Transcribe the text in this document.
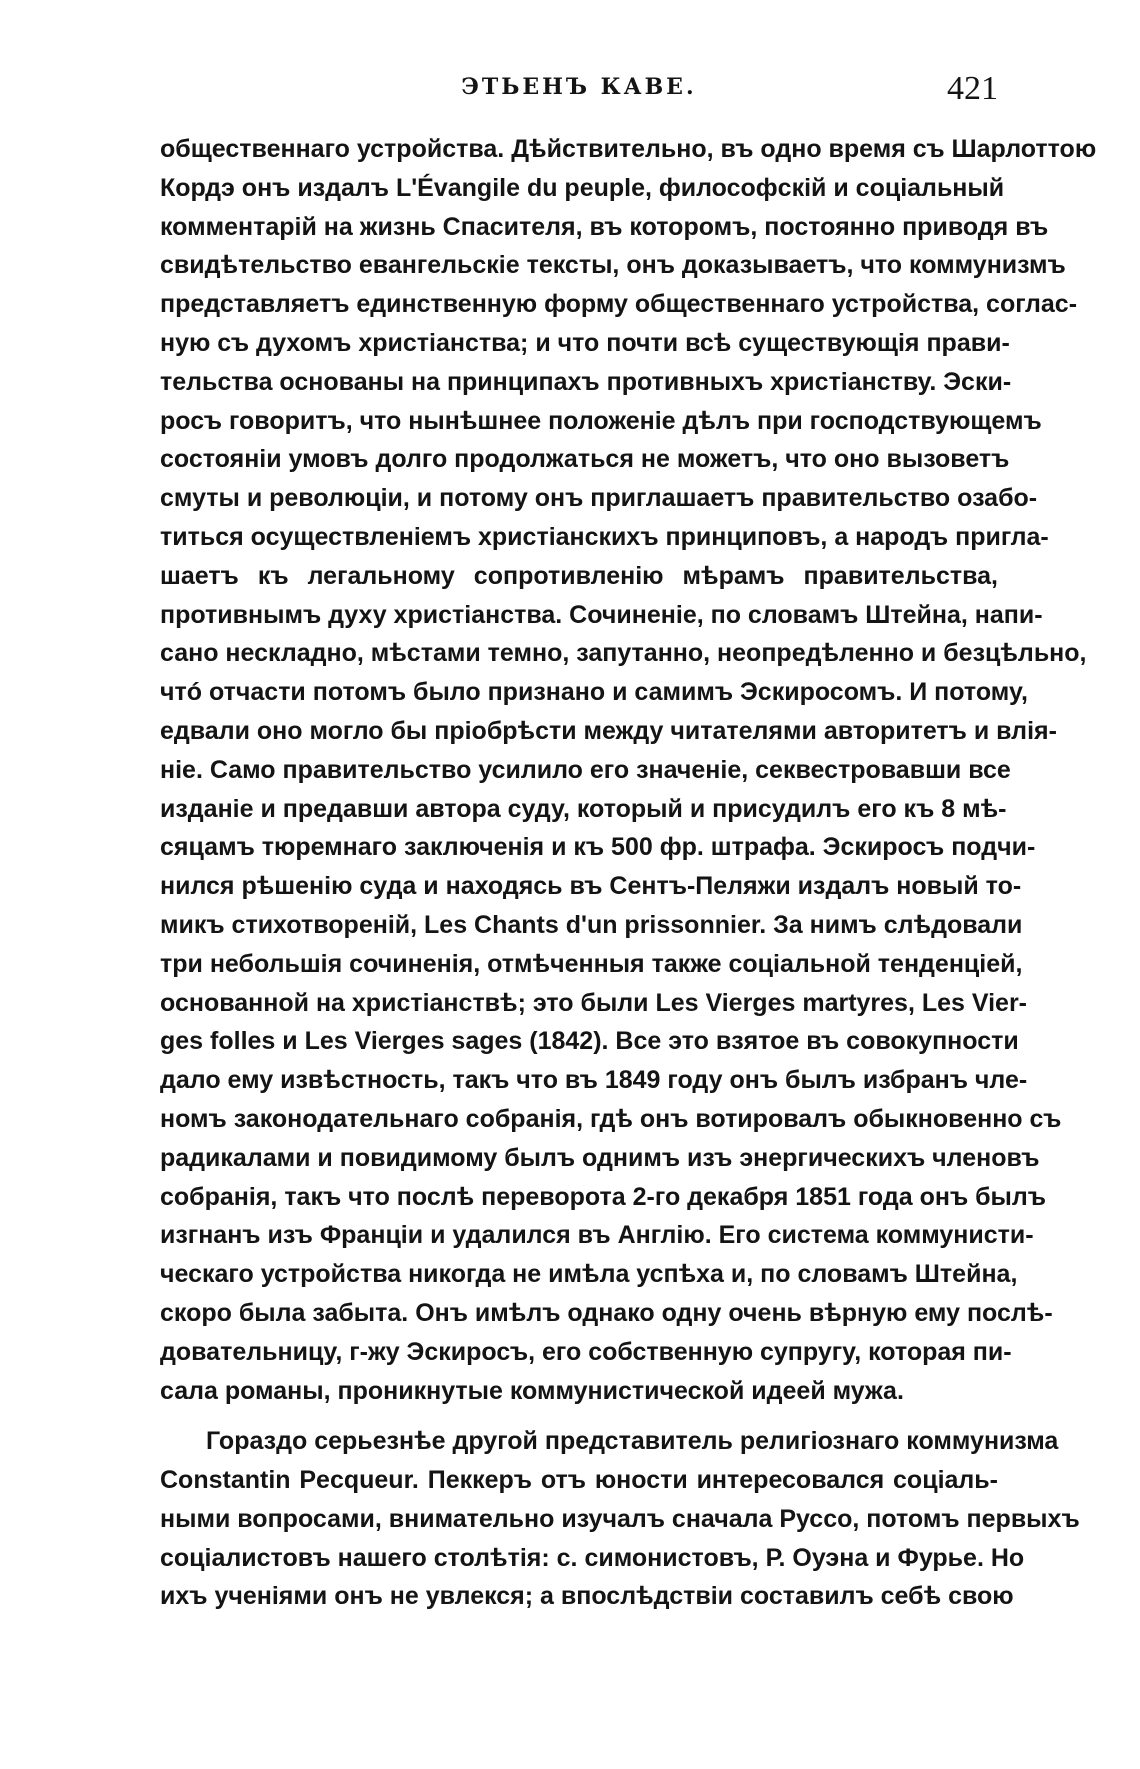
ЭТЬЕНЪ КАВЕ.	421
общественнаго устройства. Дѣйствительно, въ одно время съ Шарлоттою
Кордэ онъ издалъ L'Évangile du peuple, философскій и соціальный
комментарій на жизнь Спасителя, въ которомъ, постоянно приводя въ
свидѣтельство евангельскіе тексты, онъ доказываетъ, что коммунизмъ
представляетъ единственную форму общественнаго устройства, соглас-
ную съ духомъ христіанства; и что почти всѣ существующія прави-
тельства основаны на принципахъ противныхъ христіанству. Эски-
росъ говоритъ, что нынѣшнее положеніе дѣлъ при господствующемъ
состояніи умовъ долго продолжаться не можетъ, что оно вызоветъ
смуты и революціи, и потому онъ приглашаетъ правительство озабо-
титься осуществленіемъ христіанскихъ принциповъ, а народъ пригла-
шаетъ къ легальному сопротивленію мѣрамъ правительства,
противнымъ духу христіанства. Сочиненіе, по словамъ Штейна, напи-
сано нескладно, мѣстами темно, запутанно, неопредѣленно и безцѣльно,
чтó отчасти потомъ было признано и самимъ Эскиросомъ. И потому,
едвали оно могло бы пріобрѣсти между читателями авторитетъ и влія-
ніе. Само правительство усилило его значеніе, секвестровавши все
изданіе и предавши автора суду, который и присудилъ его къ 8 мѣ-
сяцамъ тюремнаго заключенія и къ 500 фр. штрафа. Эскиросъ подчи-
нился рѣшенію суда и находясь въ Сентъ-Пеляжи издалъ новый то-
микъ стихотвореній, Les Chants d'un prissonnier. За нимъ слѣдовали
три небольшія сочиненія, отмѣченныя также соціальной тенденціей,
основанной на христіанствѣ; это были Les Vierges martyres, Les Vier-
ges folles и Les Vierges sages (1842). Все это взятое въ совокупности
дало ему извѣстность, такъ что въ 1849 году онъ былъ избранъ чле-
номъ законодательнаго собранія, гдѣ онъ вотировалъ обыкновенно съ
радикалами и повидимому былъ однимъ изъ энергическихъ членовъ
собранія, такъ что послѣ переворота 2-го декабря 1851 года онъ былъ
изгнанъ изъ Франціи и удалился въ Англію. Его система коммунисти-
ческаго устройства никогда не имѣла успѣха и, по словамъ Штейна,
скоро была забыта. Онъ имѣлъ однако одну очень вѣрную ему послѣ-
довательницу, г-жу Эскиросъ, его собственную супругу, которая пи-
сала романы, проникнутые коммунистической идеей мужа.
Гораздо серьезнѣе другой представитель религіознаго коммунизма
Constantin Pecqueur. Пеккеръ отъ юности интересовался соціаль-
ными вопросами, внимательно изучалъ сначала Руссо, потомъ первыхъ
соціалистовъ нашего столѣтія: с. симонистовъ, Р. Оуэна и Фурье. Но
ихъ ученіями онъ не увлекся; а впослѣдствіи составилъ себѣ свою
